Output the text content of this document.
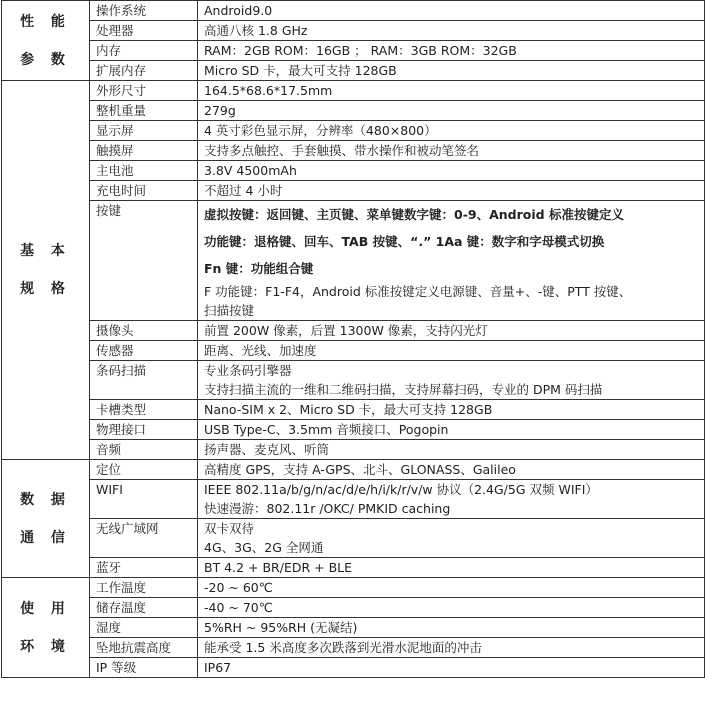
性 能
参 数	操作系统	Android9.0

	处理器	高通八核 1.8 GHz

	内存	RAM：2GB ROM：16GB ； RAM：3GB ROM：32GB

	扩展内存	Micro SD 卡，最大可支持 128GB

基 本
规 格	外形尺寸	164.5*68.6*17.5mm

	整机重量	279g

	显示屏	4 英寸彩色显示屏，分辨率（480×800）

	触摸屏	支持多点触控、手套触摸、带水操作和被动笔签名

	主电池	3.8V 4500mAh

	充电时间	不超过 4 小时

	按键	虚拟按键：返回键、主页键、菜单键数字键：0-9、Android 标准按键定义
功能键：退格键、回车、TAB 按键、“.” 1Aa 键：数字和字母模式切换
Fn 键：功能组合键
F 功能键：F1-F4，Android 标准按键定义电源键、音量+、-键、PTT 按键、
扫描按键

	摄像头	前置 200W 像素，后置 1300W 像素，支持闪光灯

	传感器	距离、光线、加速度

	条码扫描	专业条码引擎器
支持扫描主流的一维和二维码扫描，支持屏幕扫码，专业的 DPM 码扫描

	卡槽类型	Nano-SIM x 2、Micro SD 卡，最大可支持 128GB

	物理接口	USB Type-C、3.5mm 音频接口、Pogopin

	音频	扬声器、麦克风、听筒

数 据
通 信	定位	高精度 GPS，支持 A-GPS、北斗、GLONASS、Galileo

	WIFI	IEEE 802.11a/b/g/n/ac/d/e/h/i/k/r/v/w 协议（2.4G/5G 双频 WIFI）
快速漫游：802.11r /OKC/ PMKID caching

	无线广域网	双卡双待
4G、3G、2G 全网通

	蓝牙	BT 4.2 + BR/EDR + BLE

使 用
环 境	工作温度	-20 ~ 60℃

	储存温度	-40 ~ 70℃

	湿度	5%RH ~ 95%RH (无凝结)

	坠地抗震高度	能承受 1.5 米高度多次跌落到光滑水泥地面的冲击

	IP 等级	IP67
